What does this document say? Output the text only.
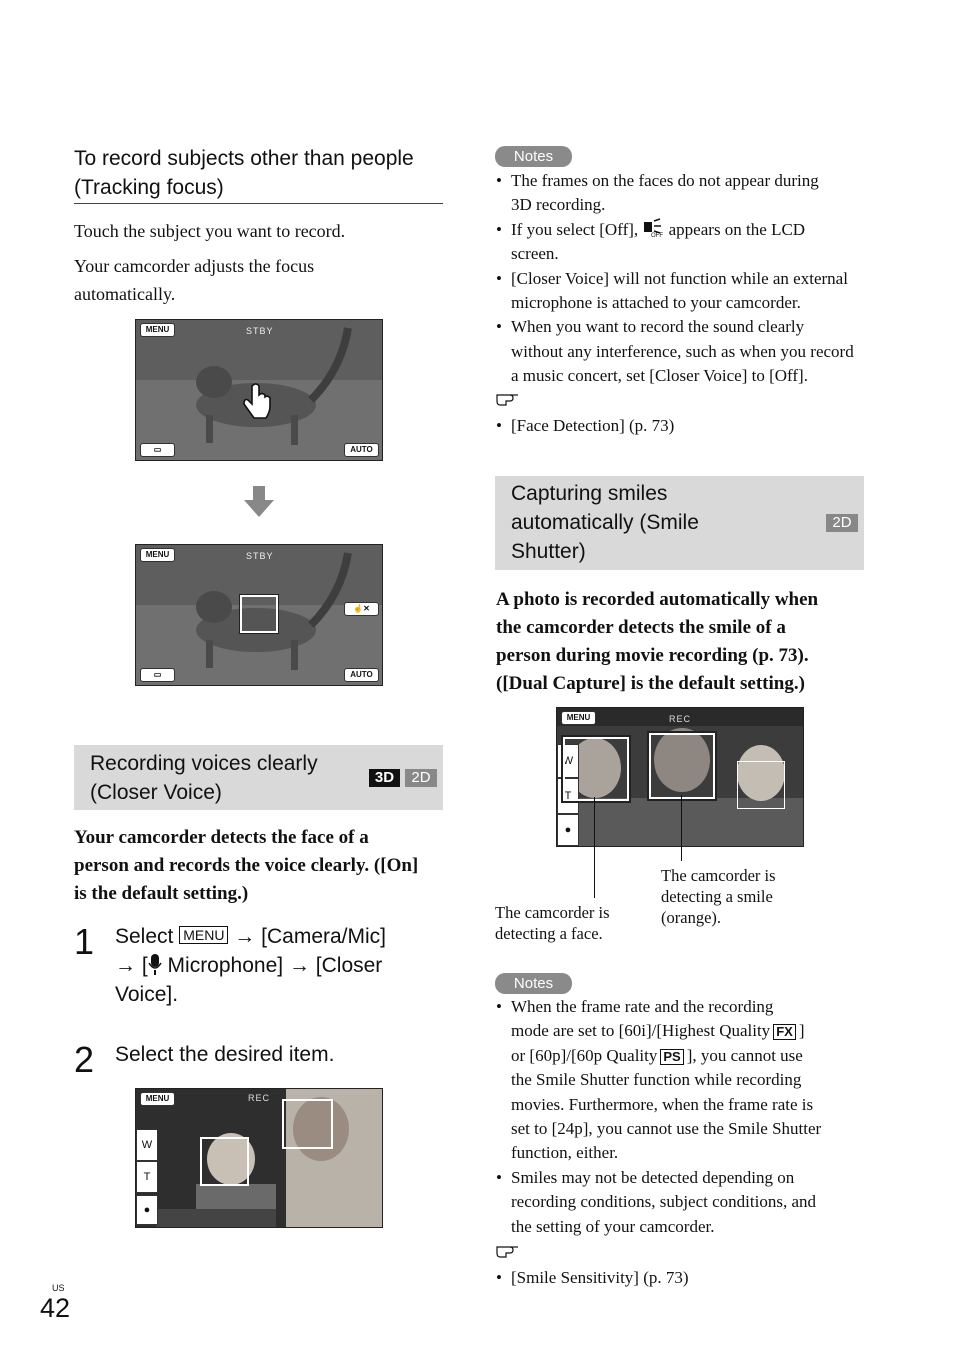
To record subjects other than people
(Tracking focus)
Touch the subject you want to record.
Your camcorder adjusts the focus
automatically.
MENU	STBY
▭	AUTO
MENU	STBY
☝✕
▭	AUTO
Recording voices clearly
(Closer Voice)
3D	2D
Your camcorder detects the face of a
person and records the voice clearly. ([On]
is the default setting.)
1 Select MENU → [Camera/Mic]
→ [ Microphone] → [Closer
Voice].
2 Select the desired item.
MENU	REC
W
T
●
Notes
• The frames on the faces do not appear during
3D recording.
• If you select [Off], OFF appears on the LCD
screen.
• [Closer Voice] will not function while an external
microphone is attached to your camcorder.
• When you want to record the sound clearly
without any interference, such as when you record
a music concert, set [Closer Voice] to [Off].
• [Face Detection] (p. 73)
Capturing smiles
automatically (Smile
Shutter)
2D
A photo is recorded automatically when
the camcorder detects the smile of a
person during movie recording (p. 73).
([Dual Capture] is the default setting.)
MENU	REC
W
T
●
The camcorder is
detecting a face.
The camcorder is
detecting a smile
(orange).
Notes
• When the frame rate and the recording
mode are set to [60i]/[Highest Quality FX ]
or [60p]/[60p Quality PS ], you cannot use
the Smile Shutter function while recording
movies. Furthermore, when the frame rate is
set to [24p], you cannot use the Smile Shutter
function, either.
• Smiles may not be detected depending on
recording conditions, subject conditions, and
the setting of your camcorder.
• [Smile Sensitivity] (p. 73)
US
42
